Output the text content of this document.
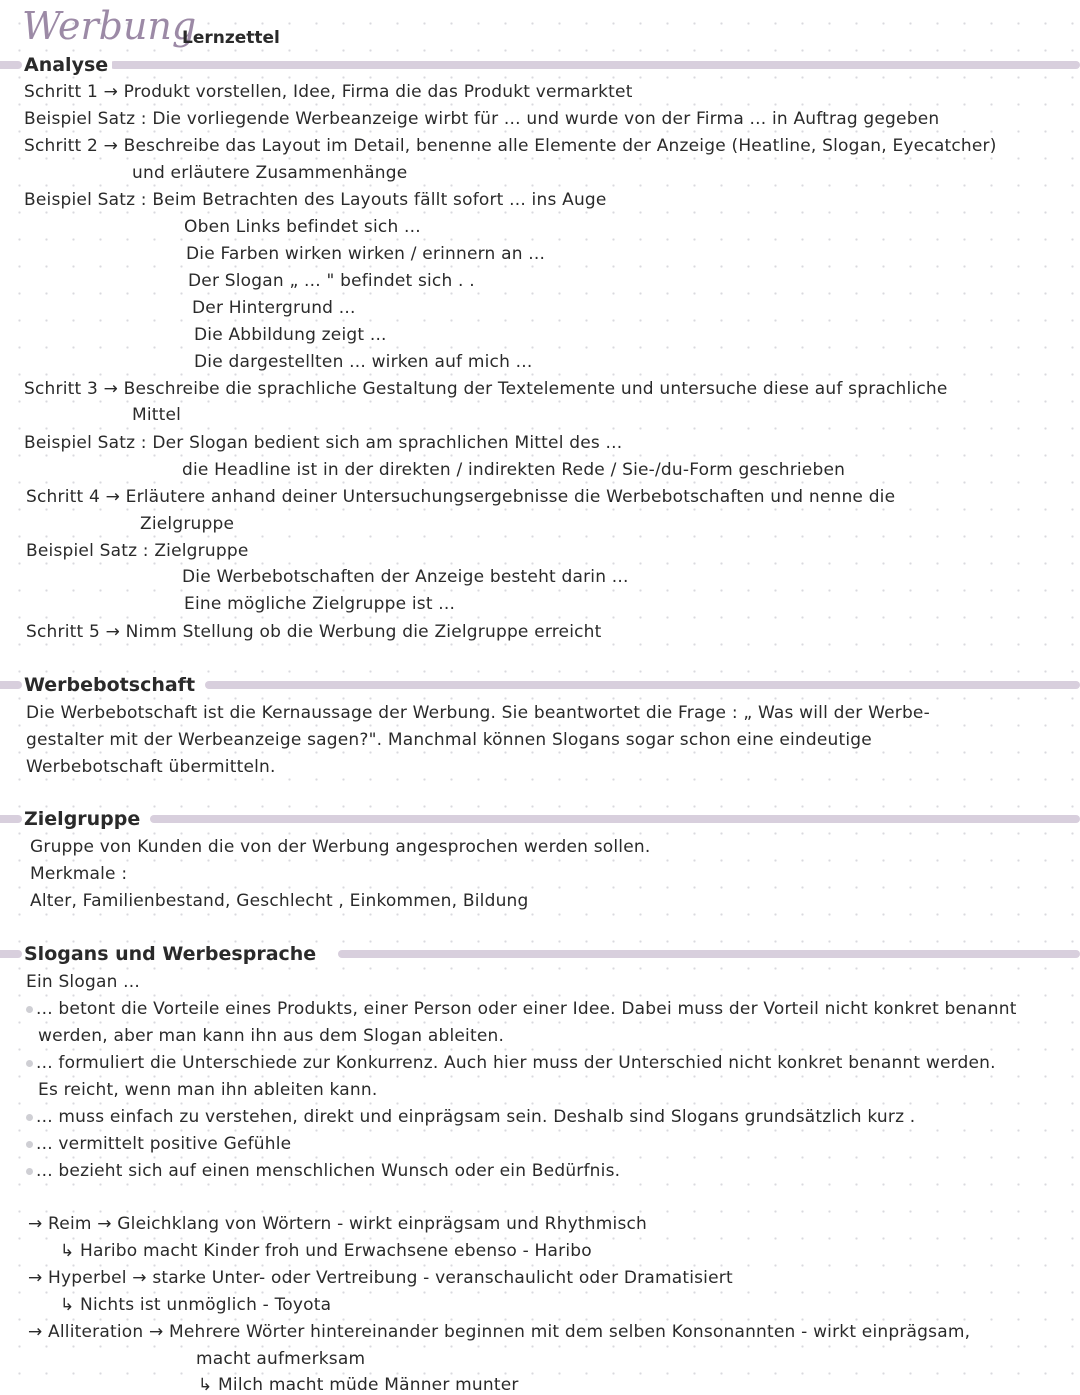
Werbung
Lernzettel
Analyse
Schritt 1 → Produkt vorstellen, Idee, Firma die das Produkt vermarktet
Beispiel Satz : Die vorliegende Werbeanzeige wirbt für ... und wurde von der Firma ... in Auftrag gegeben
Schritt 2 → Beschreibe das Layout im Detail, benenne alle Elemente der Anzeige (Heatline, Slogan, Eyecatcher)
und erläutere Zusammenhänge
Beispiel Satz : Beim Betrachten des Layouts fällt sofort ... ins Auge
Oben Links befindet sich ...
Die Farben wirken wirken / erinnern an ...
Der Slogan „ ... " befindet sich . .
Der Hintergrund ...
Die Abbildung zeigt ...
Die dargestellten ... wirken auf mich ...
Schritt 3 → Beschreibe die sprachliche Gestaltung der Textelemente und untersuche diese auf sprachliche
Mittel
Beispiel Satz : Der Slogan bedient sich am sprachlichen Mittel des ...
die Headline ist in der direkten / indirekten Rede / Sie-/du-Form geschrieben
Schritt 4 → Erläutere anhand deiner Untersuchungsergebnisse die Werbebotschaften und nenne die
Zielgruppe
Beispiel Satz : Zielgruppe
Die Werbebotschaften der Anzeige besteht darin ...
Eine mögliche Zielgruppe ist ...
Schritt 5 → Nimm Stellung ob die Werbung die Zielgruppe erreicht
Werbebotschaft
Die Werbebotschaft ist die Kernaussage der Werbung. Sie beantwortet die Frage : „ Was will der Werbe-
gestalter mit der Werbeanzeige sagen?". Manchmal können Slogans sogar schon eine eindeutige
Werbebotschaft übermitteln.
Zielgruppe
Gruppe von Kunden die von der Werbung angesprochen werden sollen.
Merkmale :
Alter, Familienbestand, Geschlecht , Einkommen, Bildung
Slogans und Werbesprache
Ein Slogan ...
... betont die Vorteile eines Produkts, einer Person oder einer Idee. Dabei muss der Vorteil nicht konkret benannt
werden, aber man kann ihn aus dem Slogan ableiten.
... formuliert die Unterschiede zur Konkurrenz. Auch hier muss der Unterschied nicht konkret benannt werden.
Es reicht, wenn man ihn ableiten kann.
... muss einfach zu verstehen, direkt und einprägsam sein. Deshalb sind Slogans grundsätzlich kurz .
... vermittelt positive Gefühle
... bezieht sich auf einen menschlichen Wunsch oder ein Bedürfnis.
→ Reim → Gleichklang von Wörtern - wirkt einprägsam und Rhythmisch
↳ Haribo macht Kinder froh und Erwachsene ebenso - Haribo
→ Hyperbel → starke Unter- oder Vertreibung - veranschaulicht oder Dramatisiert
↳ Nichts ist unmöglich - Toyota
→ Alliteration → Mehrere Wörter hintereinander beginnen mit dem selben Konsonannten - wirkt einprägsam,
macht aufmerksam
↳ Milch macht müde Männer munter
